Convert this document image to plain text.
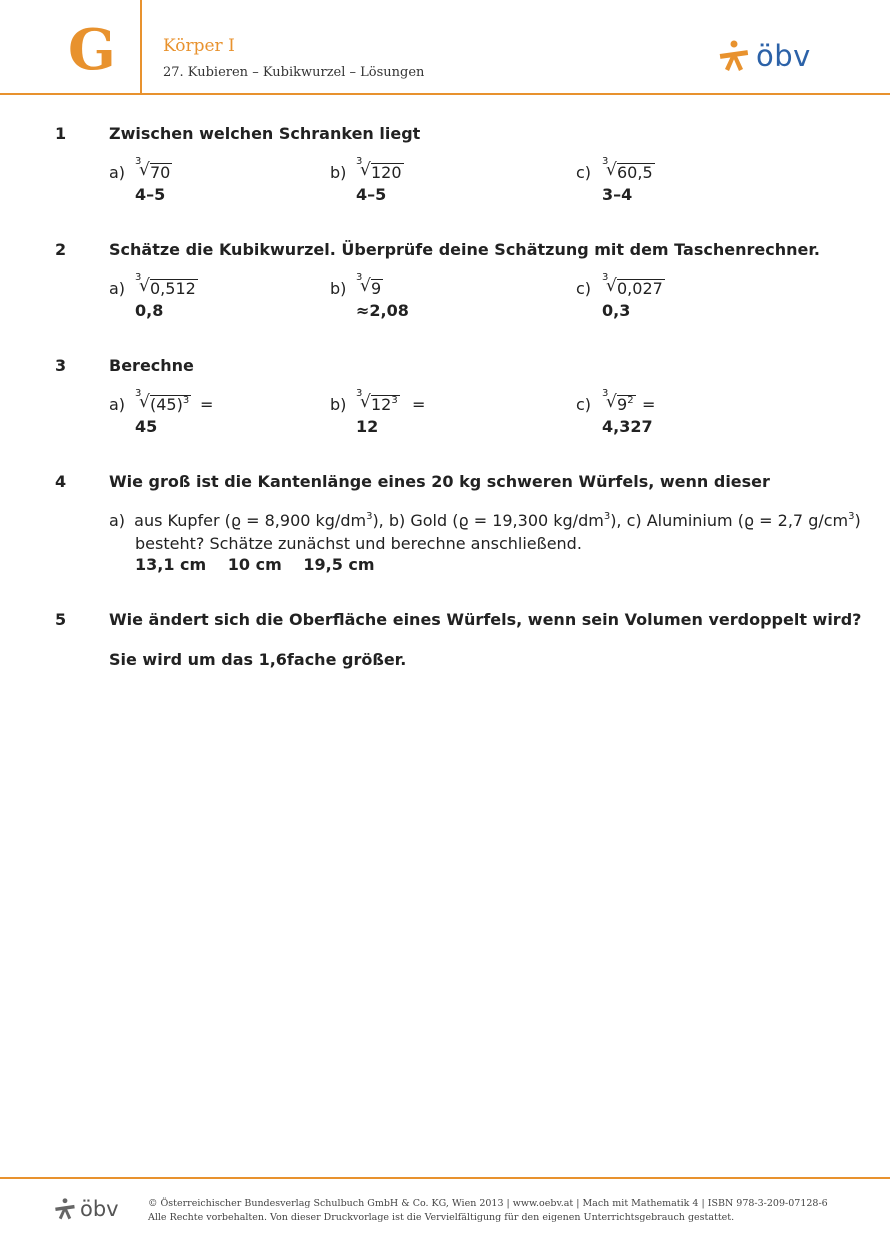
G	Körper I
27. Kubieren – Kubikwurzel – Lösungen	öbv
1	Zwischen welchen Schranken liegt
a)
3
√ 70
4–5
b)
3
√ 120
4–5
c)
3
√ 60,5
3–4
2	Schätze die Kubikwurzel. Überprüfe deine Schätzung mit dem Taschenrechner.
a)
3
√ 0,512
0,8
b)
3
√ 9
≈2,08
c)
3
√ 0,027
0,3
3	Berechne
a)
3
√ $(45)^3$ =
45
b)
3
√ $12^3$ =
12
c)
3
√ $9^2$ =
4,327
4	Wie groß ist die Kantenlänge eines 20 kg schweren Würfels, wenn dieser
a) aus Kupfer (ϱ = 8,900 $kg/dm^3$), b) Gold (ϱ = 19,300 $kg/dm^3$), c) Aluminium (ϱ = 2,7 $g/cm^3$)
besteht? Schätze zunächst und berechne anschließend.
13,1 cm 10 cm 19,5 cm
5	Wie ändert sich die Oberfläche eines Würfels, wenn sein Volumen verdoppelt wird?
Sie wird um das 1,6fache größer.
öbv	© Österreichischer Bundesverlag Schulbuch GmbH & Co. KG, Wien 2013 | www.oebv.at | Mach mit Mathematik 4 | ISBN 978-3-209-07128-6
Alle Rechte vorbehalten. Von dieser Druckvorlage ist die Vervielfältigung für den eigenen Unterrichtsgebrauch gestattet.
